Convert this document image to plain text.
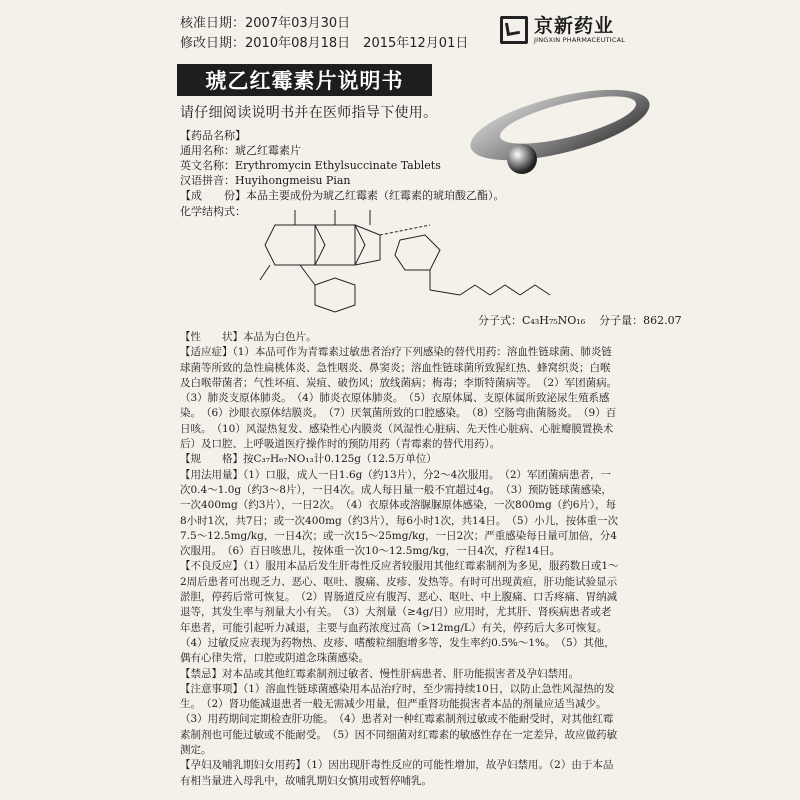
核准日期：2007年03月30日
修改日期：2010年08月18日　2015年12月01日
京新药业
JINGXIN PHARMACEUTICAL
琥乙红霉素片说明书
请仔细阅读说明书并在医师指导下使用。
【药品名称】
通用名称：琥乙红霉素片
英文名称：Erythromycin Ethylsuccinate Tablets
汉语拼音：Huyihongmeisu Pian
【成　　份】本品主要成份为琥乙红霉素（红霉素的琥珀酸乙酯）。
化学结构式：
分子式：C₄₃H₇₅NO₁₆ 分子量：862.07

【性　　状】本品为白色片。

【适应症】（1）本品可作为青霉素过敏患者治疗下列感染的替代用药：溶血性链球菌、肺炎链球菌等所致的急性扁桃体炎、急性咽炎、鼻窦炎；溶血性链球菌所致猩红热、蜂窝织炎；白喉及白喉带菌者；气性坏疽、炭疽、破伤风；放线菌病；梅毒；李斯特菌病等。　（2）军团菌病。　（3）肺炎支原体肺炎。　（4）肺炎衣原体肺炎。　（5）衣原体属、支原体属所致泌尿生殖系感染。　（6）沙眼衣原体结膜炎。　（7）厌氧菌所致的口腔感染。　（8）空肠弯曲菌肠炎。　（9）百日咳。　（10）风湿热复发、感染性心内膜炎（风湿性心脏病、先天性心脏病、心脏瓣膜置换术后）及口腔、上呼吸道医疗操作时的预防用药（青霉素的替代用药）。

【规　　格】按C₃₇H₆₇NO₁₃计0.125g（12.5万单位）

【用法用量】（1）口服，成人一日1.6g（约13片），分2～4次服用。　（2）军团菌病患者，一次0.4～1.0g（约3～8片），一日4次。成人每日量一般不宜超过4g。　（3）预防链球菌感染，一次400mg（约3片），一日2次。　（4）衣原体或溶脲脲原体感染，一次800mg（约6片），每8小时1次，共7日；或一次400mg（约3片），每6小时1次，共14日。　（5）小儿，按体重一次7.5～12.5mg/kg，一日4次；或一次15～25mg/kg，一日2次；严重感染每日量可加倍，分4次服用。　（6）百日咳患儿，按体重一次10～12.5mg/kg，一日4次，疗程14日。

【不良反应】（1）服用本品后发生肝毒性反应者较服用其他红霉素制剂为多见，服药数日或1～2周后患者可出现乏力、恶心、呕吐、腹痛、皮疹、发热等。有时可出现黄疸，肝功能试验显示淤胆，停药后常可恢复。　（2）胃肠道反应有腹泻、恶心、呕吐、中上腹痛、口舌疼痛、胃纳减退等，其发生率与剂量大小有关。　（3）大剂量（≥4g/日）应用时，尤其肝、肾疾病患者或老年患者，可能引起听力减退，主要与血药浓度过高（>12mg/L）有关，停药后大多可恢复。　（4）过敏反应表现为药物热、皮疹、嗜酸粒细胞增多等，发生率约0.5%～1%。　（5）其他，偶有心律失常，口腔或阴道念珠菌感染。

【禁忌】对本品或其他红霉素制剂过敏者、慢性肝病患者、肝功能损害者及孕妇禁用。

【注意事项】（1）溶血性链球菌感染用本品治疗时，至少需持续10日，以防止急性风湿热的发生。　（2）肾功能减退患者一般无需减少用量，但严重肾功能损害者本品的剂量应适当减少。　（3）用药期间定期检查肝功能。　（4）患者对一种红霉素制剂过敏或不能耐受时，对其他红霉素制剂也可能过敏或不能耐受。　（5）因不同细菌对红霉素的敏感性存在一定差异，故应做药敏测定。

【孕妇及哺乳期妇女用药】（1）因出现肝毒性反应的可能性增加，故孕妇禁用。（2）由于本品有相当量进入母乳中，故哺乳期妇女慎用或暂停哺乳。
